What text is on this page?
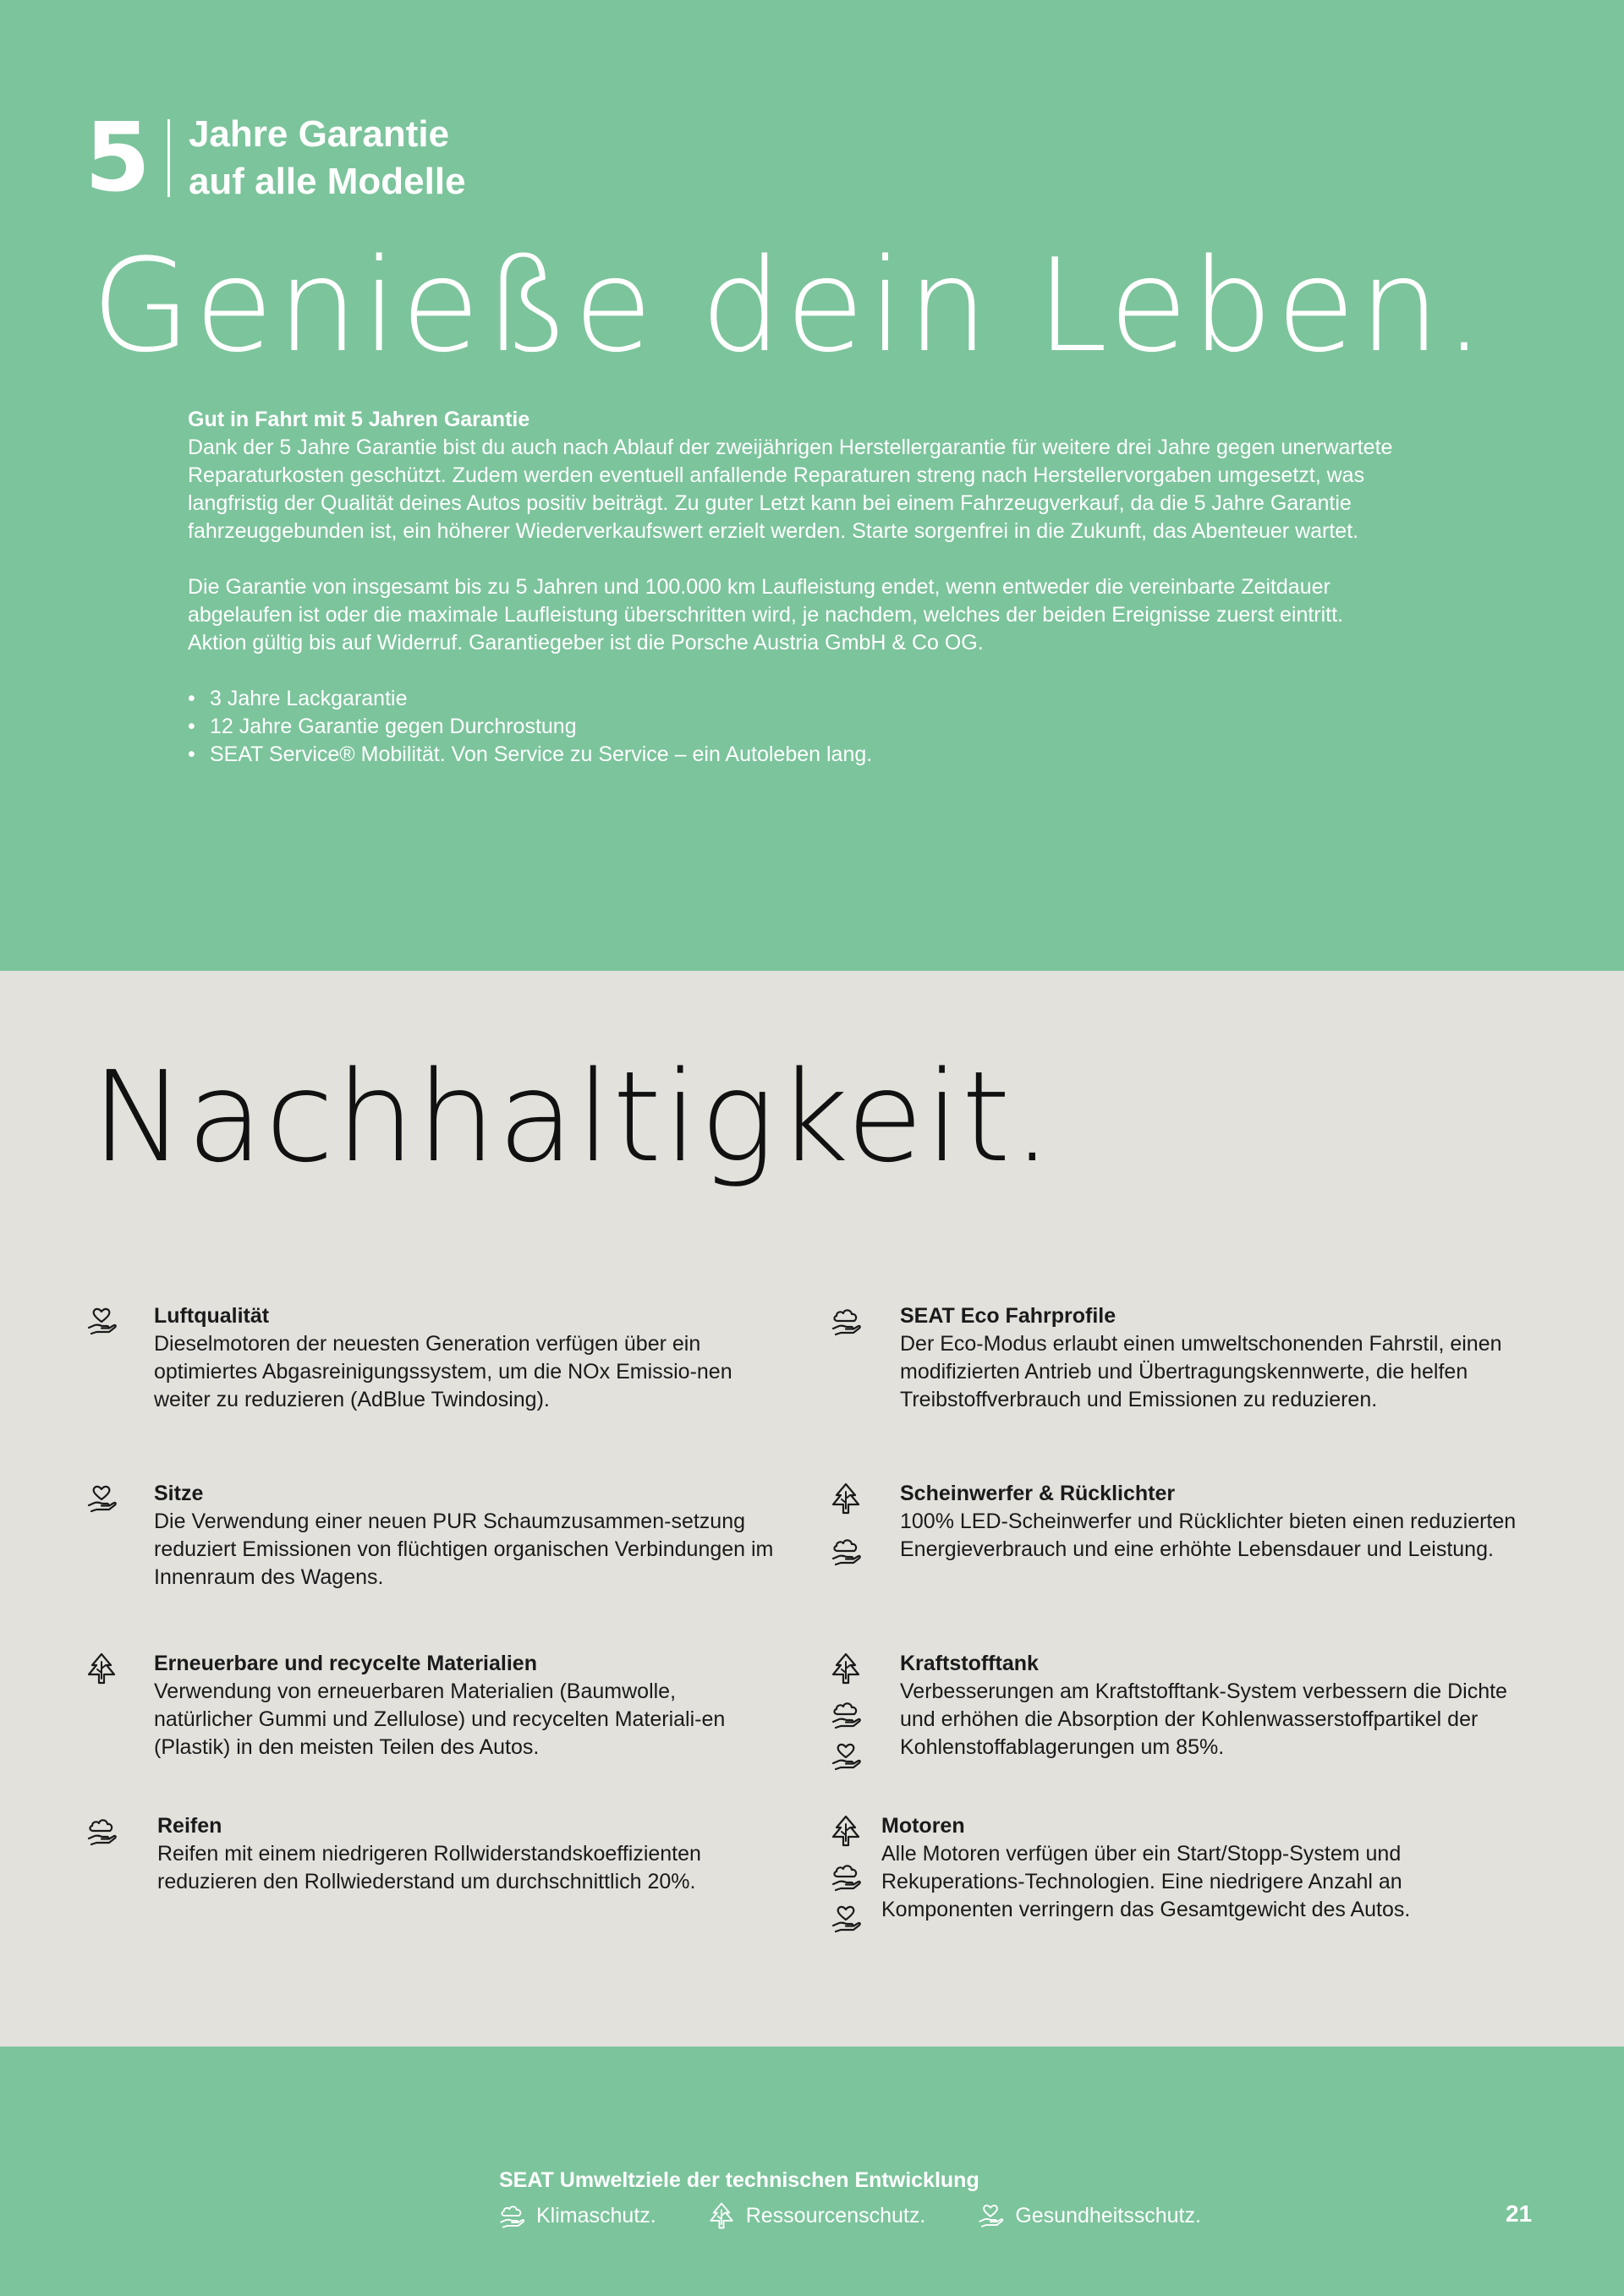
5 Jahre Garantie
auf alle Modelle
Genieße dein Leben.
Gut in Fahrt mit 5 Jahren Garantie

Dank der 5 Jahre Garantie bist du auch nach Ablauf der zweijährigen Herstellergarantie für weitere drei Jahre gegen unerwartete Reparaturkosten geschützt. Zudem werden eventuell anfallende Reparaturen streng nach Herstellervorgaben umgesetzt, was langfristig der Qualität deines Autos positiv beiträgt. Zu guter Letzt kann bei einem Fahrzeugverkauf, da die 5 Jahre Garantie fahrzeuggebunden ist, ein höherer Wiederverkaufswert erzielt werden. Starte sorgenfrei in die Zukunft, das Abenteuer wartet.

Die Garantie von insgesamt bis zu 5 Jahren und 100.000 km Laufleistung endet, wenn entweder die vereinbarte Zeitdauer abgelaufen ist oder die maximale Laufleistung überschritten wird, je nachdem, welches der beiden Ereignisse zuerst eintritt. Aktion gültig bis auf Widerruf. Garantiegeber ist die Porsche Austria GmbH & Co OG.

• 3 Jahre Lackgarantie
• 12 Jahre Garantie gegen Durchrostung
• SEAT Service® Mobilität. Von Service zu Service – ein Autoleben lang.
Nachhaltigkeit.
Luftqualität

Dieselmotoren der neuesten Generation verfügen über ein optimiertes Abgasreinigungssystem, um die NOx Emissio-nen weiter zu reduzieren (AdBlue Twindosing).

Sitze

Die Verwendung einer neuen PUR Schaumzusammen-setzung reduziert Emissionen von flüchtigen organischen Verbindungen im Innenraum des Wagens.

Erneuerbare und recycelte Materialien

Verwendung von erneuerbaren Materialien (Baumwolle, natürlicher Gummi und Zellulose) und recycelten Materiali-en (Plastik) in den meisten Teilen des Autos.

Reifen

Reifen mit einem niedrigeren Rollwiderstandskoeffizienten reduzieren den Rollwiederstand um durchschnittlich 20%.

SEAT Eco Fahrprofile

Der Eco-Modus erlaubt einen umweltschonenden Fahrstil, einen modifizierten Antrieb und Übertragungskennwerte, die helfen Treibstoffverbrauch und Emissionen zu reduzieren.

Scheinwerfer & Rücklichter

100% LED-Scheinwerfer und Rücklichter bieten einen reduzierten Energieverbrauch und eine erhöhte Lebensdauer und Leistung.

Kraftstofftank

Verbesserungen am Kraftstofftank-System verbessern die Dichte und erhöhen die Absorption der Kohlenwasserstoffpartikel der Kohlenstoffablagerungen um 85%.

Motoren

Alle Motoren verfügen über ein Start/Stopp-System und Rekuperations-Technologien. Eine niedrigere Anzahl an Komponenten verringern das Gesamtgewicht des Autos.

SEAT Umweltziele der technischen Entwicklung
Klimaschutz.	Ressourcenschutz.	Gesundheitsschutz.	21
